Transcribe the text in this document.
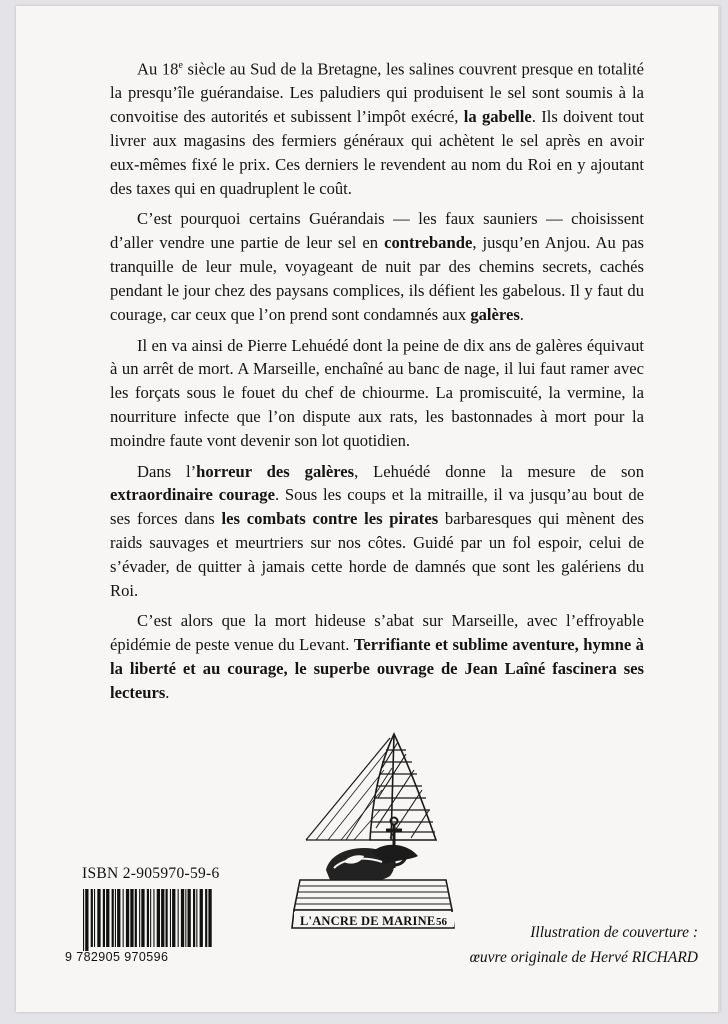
Au 18e siècle au Sud de la Bretagne, les salines couvrent presque en totalité la presqu’île guérandaise. Les paludiers qui produisent le sel sont soumis à la convoitise des autorités et subissent l’impôt exécré, la gabelle. Ils doivent tout livrer aux magasins des fermiers généraux qui achètent le sel après en avoir eux-mêmes fixé le prix. Ces derniers le revendent au nom du Roi en y ajoutant des taxes qui en quadruplent le coût.

C’est pourquoi certains Guérandais — les faux sauniers — choisissent d’aller vendre une partie de leur sel en contrebande, jusqu’en Anjou. Au pas tranquille de leur mule, voyageant de nuit par des chemins secrets, cachés pendant le jour chez des paysans complices, ils défient les gabelous. Il y faut du courage, car ceux que l’on prend sont condamnés aux galères.

Il en va ainsi de Pierre Lehuédé dont la peine de dix ans de galères équivaut à un arrêt de mort. A Marseille, enchaîné au banc de nage, il lui faut ramer avec les forçats sous le fouet du chef de chiourme. La promiscuité, la vermine, la nourriture infecte que l’on dispute aux rats, les bastonnades à mort pour la moindre faute vont devenir son lot quotidien.

Dans l’horreur des galères, Lehuédé donne la mesure de son extraordinaire courage. Sous les coups et la mitraille, il va jusqu’au bout de ses forces dans les combats contre les pirates barbaresques qui mènent des raids sauvages et meurtriers sur nos côtes. Guidé par un fol espoir, celui de s’évader, de quitter à jamais cette horde de damnés que sont les galériens du Roi.

C’est alors que la mort hideuse s’abat sur Marseille, avec l’effroyable épidémie de peste venue du Levant. Terrifiante et sublime aventure, hymne à la liberté et au courage, le superbe ouvrage de Jean Laîné fascinera ses lecteurs.

L'ANCRE DE MARINE 56
ISBN 2-905970-59-6
9 782905 970596
Illustration de couverture :
œuvre originale de Hervé RICHARD
